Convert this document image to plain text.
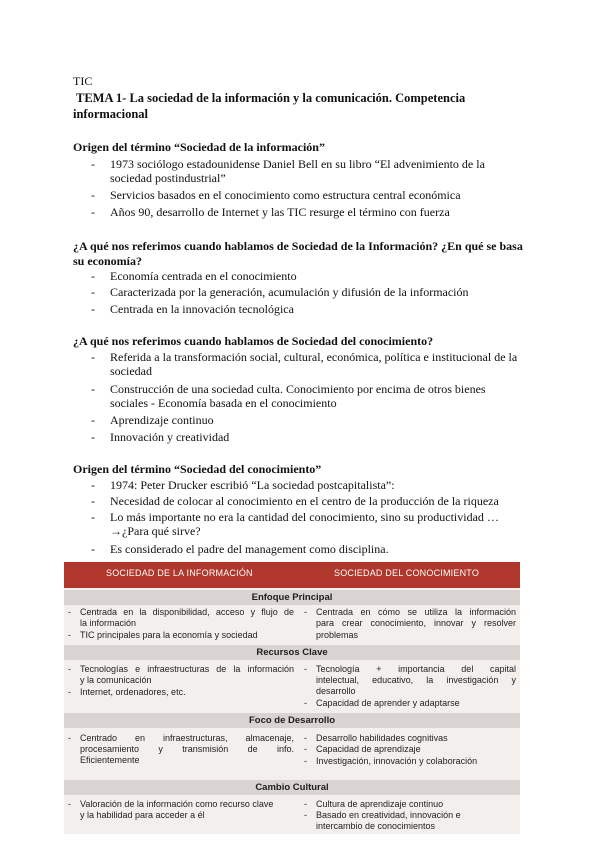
TIC
TEMA 1- La sociedad de la información y la comunicación. Competencia
informacional
Origen del término “Sociedad de la información”
- 1973 sociólogo estadounidense Daniel Bell en su libro “El advenimiento de la
sociedad postindustrial”
- Servicios basados en el conocimiento como estructura central económica
- Años 90, desarrollo de Internet y las TIC resurge el término con fuerza
¿A qué nos referimos cuando hablamos de Sociedad de la Información? ¿En qué se basa
su economía?
- Economía centrada en el conocimiento
- Caracterizada por la generación, acumulación y difusión de la información
- Centrada en la innovación tecnológica
¿A qué nos referimos cuando hablamos de Sociedad del conocimiento?
- Referida a la transformación social, cultural, económica, política e institucional de la
sociedad
- Construcción de una sociedad culta. Conocimiento por encima de otros bienes
sociales - Economía basada en el conocimiento
- Aprendizaje continuo
- Innovación y creatividad
Origen del término “Sociedad del conocimiento”
- 1974: Peter Drucker escribió “La sociedad postcapitalista”:
- Necesidad de colocar al conocimiento en el centro de la producción de la riqueza
- Lo más importante no era la cantidad del conocimiento, sino su productividad …
→¿Para qué sirve?
- Es considerado el padre del management como disciplina.
SOCIEDAD DE LA INFORMACIÓN	SOCIEDAD DEL CONOCIMIENTO
Enfoque Principal
- Centrada en la disponibilidad, acceso y flujo de
la información
- TIC principales para la economía y sociedad
- Centrada en cómo se utiliza la información
para crear conocimiento, innovar y resolver
problemas
Recursos Clave
- Tecnologías e infraestructuras de la información
y la comunicación
- Internet, ordenadores, etc.
- Tecnología + importancia del capital
intelectual, educativo, la investigación y
desarrollo
- Capacidad de aprender y adaptarse
Foco de Desarrollo
- Centrado en infraestructuras, almacenaje,
procesamiento y transmisión de info.
Eficientemente
- Desarrollo habilidades cognitivas
- Capacidad de aprendizaje
- Investigación, innovación y colaboración
Cambio Cultural
- Valoración de la información como recurso clave
y la habilidad para acceder a él
- Cultura de aprendizaje continuo
- Basado en creatividad, innovación e
intercambio de conocimientos
